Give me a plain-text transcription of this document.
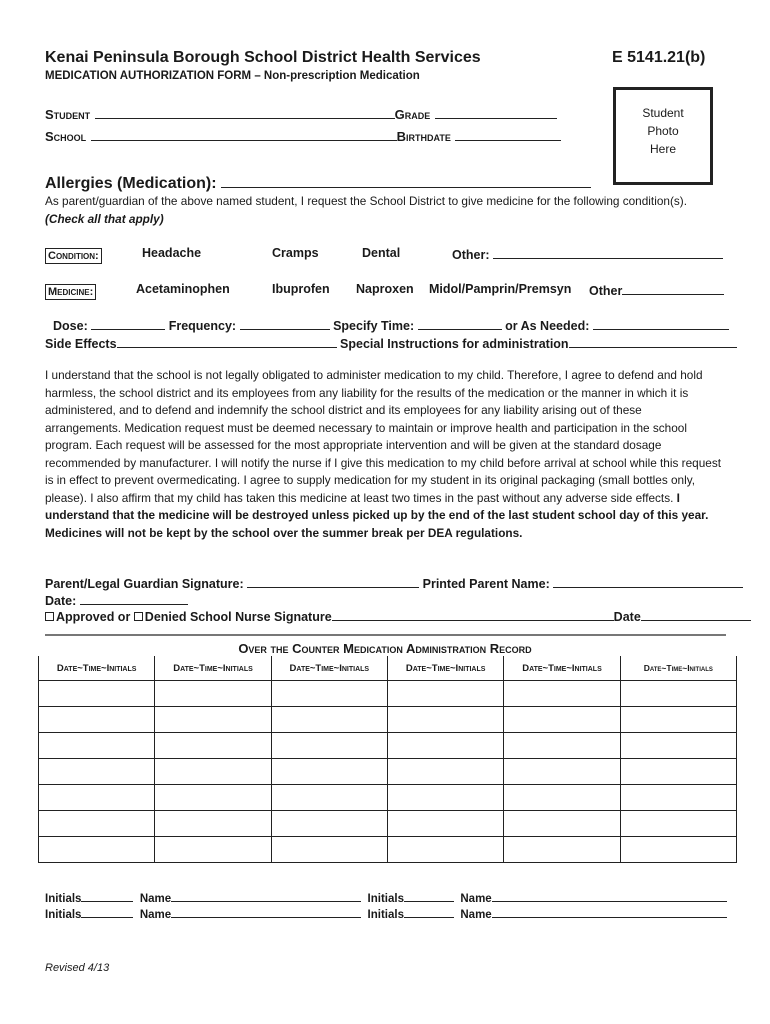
Kenai Peninsula Borough School District Health Services	E 5141.21(b)
MEDICATION AUTHORIZATION FORM – Non-prescription Medication
Student	Grade
School	Birthdate
Student
Photo
Here
Allergies (Medication):
As parent/guardian of the above named student, I request the School District to give medicine for the following condition(s). (Check all that apply)
Condition:	Headache	Cramps	Dental	Other:
Medicine:	Acetaminophen	Ibuprofen Naproxen Midol/Pamprin/Premsyn Other
Dose:	Frequency:	Specify Time:	or As Needed:
Side Effects	Special Instructions for administration
I understand that the school is not legally obligated to administer medication to my child. Therefore, I agree to defend and hold harmless, the school district and its employees from any liability for the results of the medication or the manner in which it is administered, and to defend and indemnify the school district and its employees for any liability arising out of these arrangements. Medication request must be deemed necessary to maintain or improve health and participation in the school program. Each request will be assessed for the most appropriate intervention and will be given at the standard dosage recommended by manufacturer. I will notify the nurse if I give this medication to my child before arrival at school while this request is in effect to prevent overmedicating. I agree to supply medication for my student in its original packaging (small bottles only, please). I also affirm that my child has taken this medicine at least two times in the past without any adverse side effects. I understand that the medicine will be destroyed unless picked up by the end of the last student school day of this year. Medicines will not be kept by the school over the summer break per DEA regulations.
Parent/Legal Guardian Signature:	Printed Parent Name:
Date:
Approved or Denied School Nurse Signature	Date
Over the Counter Medication Administration Record
Date~Time~Initials	Date~Time~Initials	Date~Time~Initials	Date~Time~Initials	Date~Time~Initials	Date~Time~Initials

Initials	Name	Initials	Name
Initials	Name	Initials	Name
Revised 4/13
